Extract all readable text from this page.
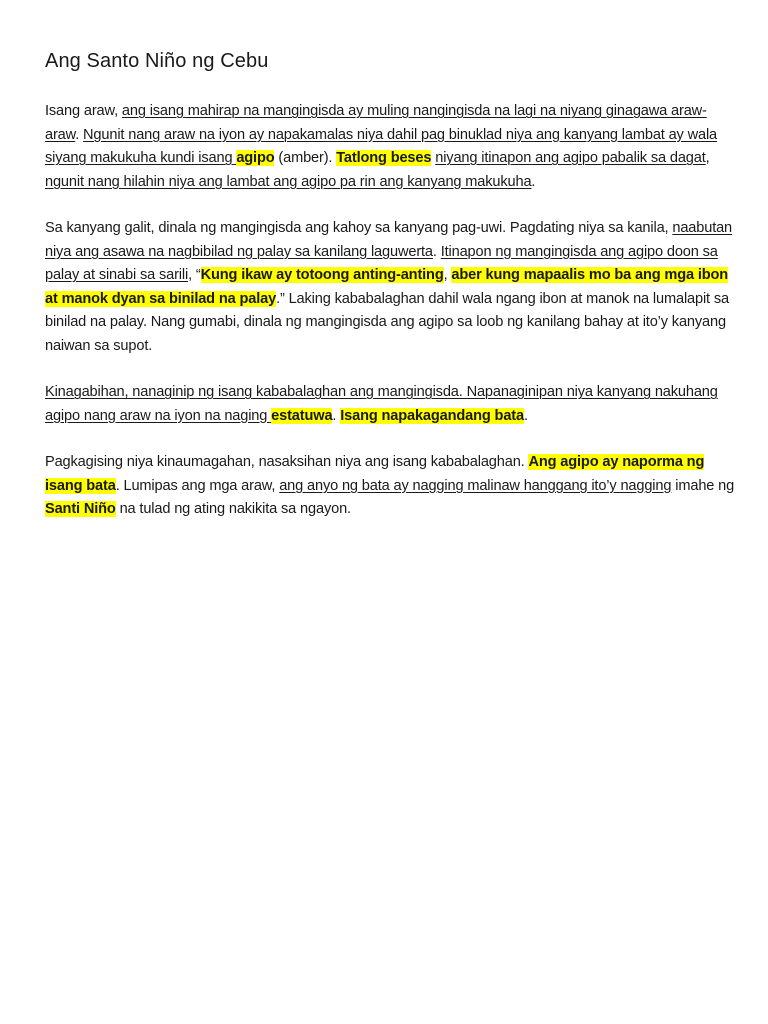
Ang Santo Niño ng Cebu

Isang araw, ang isang mahirap na mangingisda ay muling nangingisda na lagi na niyang ginagawa araw-araw. Ngunit nang araw na iyon ay napakamalas niya dahil pag binuklad niya ang kanyang lambat ay wala siyang makukuha kundi isang agipo (amber). Tatlong beses niyang itinapon ang agipo pabalik sa dagat, ngunit nang hilahin niya ang lambat ang agipo pa rin ang kanyang makukuha.

Sa kanyang galit, dinala ng mangingisda ang kahoy sa kanyang pag-uwi. Pagdating niya sa kanila, naabutan niya ang asawa na nagbibilad ng palay sa kanilang laguwerta. Itinapon ng mangingisda ang agipo doon sa palay at sinabi sa sarili, “Kung ikaw ay totoong anting-anting, aber kung mapaalis mo ba ang mga ibon at manok dyan sa binilad na palay.” Laking kababalaghan dahil wala ngang ibon at manok na lumalapit sa binilad na palay. Nang gumabi, dinala ng mangingisda ang agipo sa loob ng kanilang bahay at ito’y kanyang naiwan sa supot.

Kinagabihan, nanaginip ng isang kababalaghan ang mangingisda. Napanaginipan niya kanyang nakuhang agipo nang araw na iyon na naging estatuwa. Isang napakagandang bata.

Pagkagising niya kinaumagahan, nasaksihan niya ang isang kababalaghan. Ang agipo ay naporma ng isang bata. Lumipas ang mga araw, ang anyo ng bata ay nagging malinaw hanggang ito’y nagging imahe ng Santi Niño na tulad ng ating nakikita sa ngayon.
